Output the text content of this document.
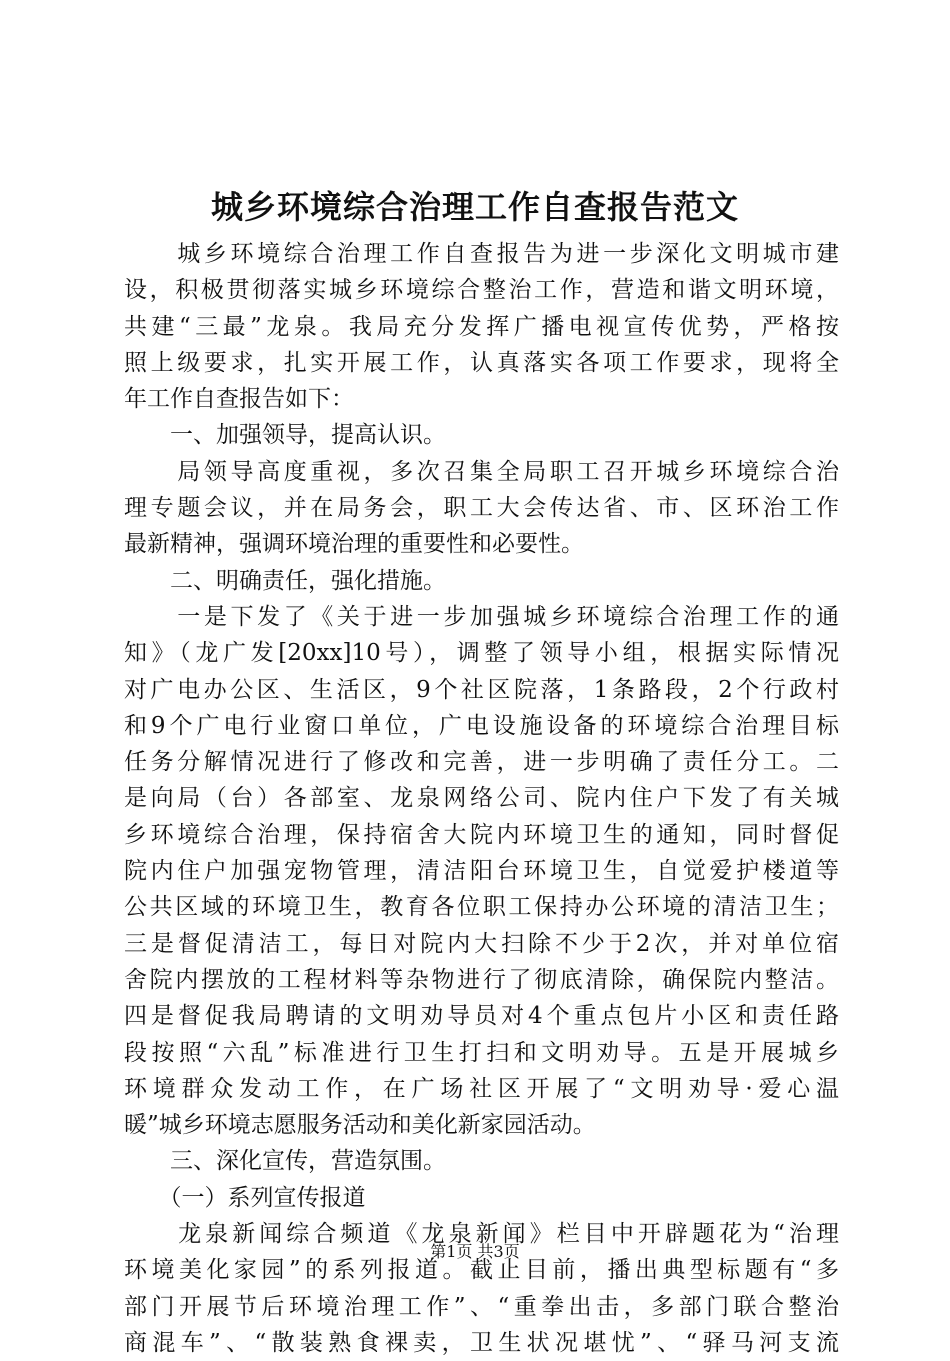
城乡环境综合治理工作自查报告范文
　　城乡环境综合治理工作自查报告为进一步深化文明城市建
设，积极贯彻落实城乡环境综合整治工作，营造和谐文明环境，
共建“三最”龙泉。我局充分发挥广播电视宣传优势，严格按
照上级要求，扎实开展工作，认真落实各项工作要求，现将全
年工作自查报告如下：
　　一、加强领导，提高认识。
　　局领导高度重视，多次召集全局职工召开城乡环境综合治
理专题会议，并在局务会，职工大会传达省、市、区环治工作
最新精神，强调环境治理的重要性和必要性。
　　二、明确责任，强化措施。
　　一是下发了《关于进一步加强城乡环境综合治理工作的通
知》（龙广发[20xx]10号），调整了领导小组，根据实际情况
对广电办公区、生活区，9个社区院落，1条路段，2个行政村
和9个广电行业窗口单位，广电设施设备的环境综合治理目标
任务分解情况进行了修改和完善，进一步明确了责任分工。二
是向局（台）各部室、龙泉网络公司、院内住户下发了有关城
乡环境综合治理，保持宿舍大院内环境卫生的通知，同时督促
院内住户加强宠物管理，清洁阳台环境卫生，自觉爱护楼道等
公共区域的环境卫生，教育各位职工保持办公环境的清洁卫生；
三是督促清洁工，每日对院内大扫除不少于2次，并对单位宿
舍院内摆放的工程材料等杂物进行了彻底清除，确保院内整洁。
四是督促我局聘请的文明劝导员对4个重点包片小区和责任路
段按照“六乱”标准进行卫生打扫和文明劝导。五是开展城乡
环境群众发动工作，在广场社区开展了“文明劝导·爱心温
暖”城乡环境志愿服务活动和美化新家园活动。
　　三、深化宣传，营造氛围。
　　（一）系列宣传报道
　　龙泉新闻综合频道《龙泉新闻》栏目中开辟题花为“治理
环境美化家园”的系列报道。截止目前，播出典型标题有“多
部门开展节后环境治理工作”、“重拳出击，多部门联合整治
商混车”、“散装熟食裸卖，卫生状况堪忧”、“驿马河支流
第1页 共3页
